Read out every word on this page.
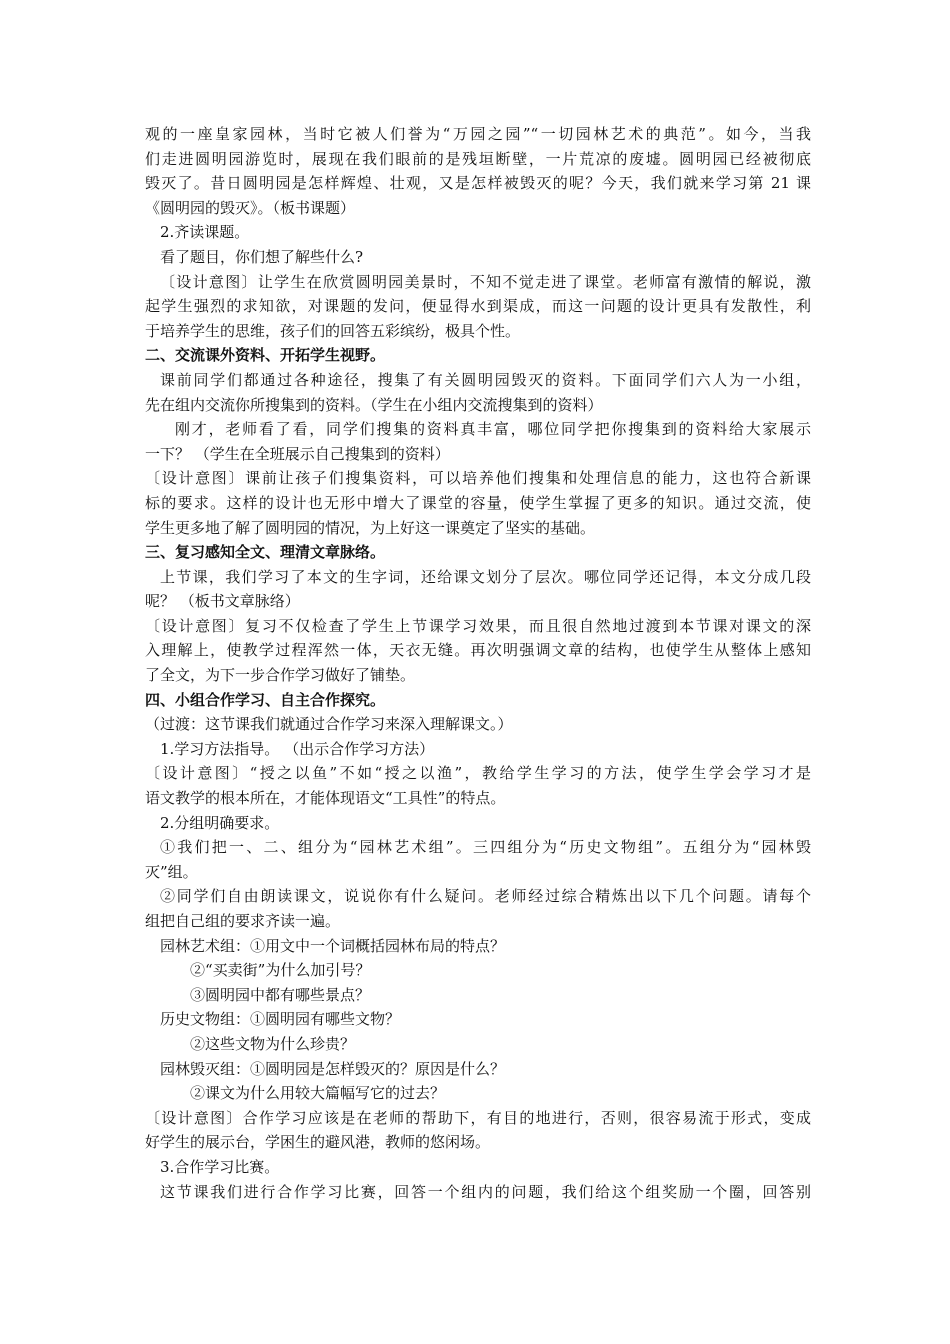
观的一座皇家园林，当时它被人们誉为“万园之园”“一切园林艺术的典范”。如今，当我
们走进圆明园游览时，展现在我们眼前的是残垣断壁，一片荒凉的废墟。圆明园已经被彻底
毁灭了。昔日圆明园是怎样辉煌、壮观，又是怎样被毁灭的呢？今天，我们就来学习第 21 课
《圆明园的毁灭》。（板书课题）
2.齐读课题。
看了题目，你们想了解些什么?
〔设计意图〕让学生在欣赏圆明园美景时，不知不觉走进了课堂。老师富有激情的解说，激
起学生强烈的求知欲，对课题的发问，便显得水到渠成，而这一问题的设计更具有发散性，利
于培养学生的思维，孩子们的回答五彩缤纷，极具个性。
二、交流课外资料、开拓学生视野。
课前同学们都通过各种途径，搜集了有关圆明园毁灭的资料。下面同学们六人为一小组，
先在组内交流你所搜集到的资料。（学生在小组内交流搜集到的资料）
刚才，老师看了看，同学们搜集的资料真丰富，哪位同学把你搜集到的资料给大家展示
一下？ （学生在全班展示自己搜集到的资料）
〔设计意图〕课前让孩子们搜集资料，可以培养他们搜集和处理信息的能力，这也符合新课
标的要求。这样的设计也无形中增大了课堂的容量，使学生掌握了更多的知识。通过交流，使
学生更多地了解了圆明园的情况，为上好这一课奠定了坚实的基础。
三、复习感知全文、理清文章脉络。
上节课，我们学习了本文的生字词，还给课文划分了层次。哪位同学还记得，本文分成几段
呢？ （板书文章脉络）
〔设计意图〕复习不仅检查了学生上节课学习效果，而且很自然地过渡到本节课对课文的深
入理解上，使教学过程浑然一体，天衣无缝。再次明强调文章的结构，也使学生从整体上感知
了全文，为下一步合作学习做好了铺垫。
四、小组合作学习、自主合作探究。
（过渡：这节课我们就通过合作学习来深入理解课文。）
1.学习方法指导。 （出示合作学习方法）
〔设计意图〕“授之以鱼”不如“授之以渔”，教给学生学习的方法，使学生学会学习才是
语文教学的根本所在，才能体现语文“工具性”的特点。
2.分组明确要求。
①我们把一、二、组分为“园林艺术组”。三四组分为“历史文物组”。五组分为“园林毁
灭”组。
②同学们自由朗读课文，说说你有什么疑问。老师经过综合精炼出以下几个问题。请每个
组把自己组的要求齐读一遍。
园林艺术组：①用文中一个词概括园林布局的特点？
②“买卖街”为什么加引号？
③圆明园中都有哪些景点？
历史文物组：①圆明园有哪些文物？
②这些文物为什么珍贵？
园林毁灭组：①圆明园是怎样毁灭的？原因是什么？
②课文为什么用较大篇幅写它的过去？
〔设计意图〕合作学习应该是在老师的帮助下，有目的地进行，否则，很容易流于形式，变成
好学生的展示台，学困生的避风港，教师的悠闲场。
3.合作学习比赛。
这节课我们进行合作学习比赛，回答一个组内的问题，我们给这个组奖励一个圈，回答别
